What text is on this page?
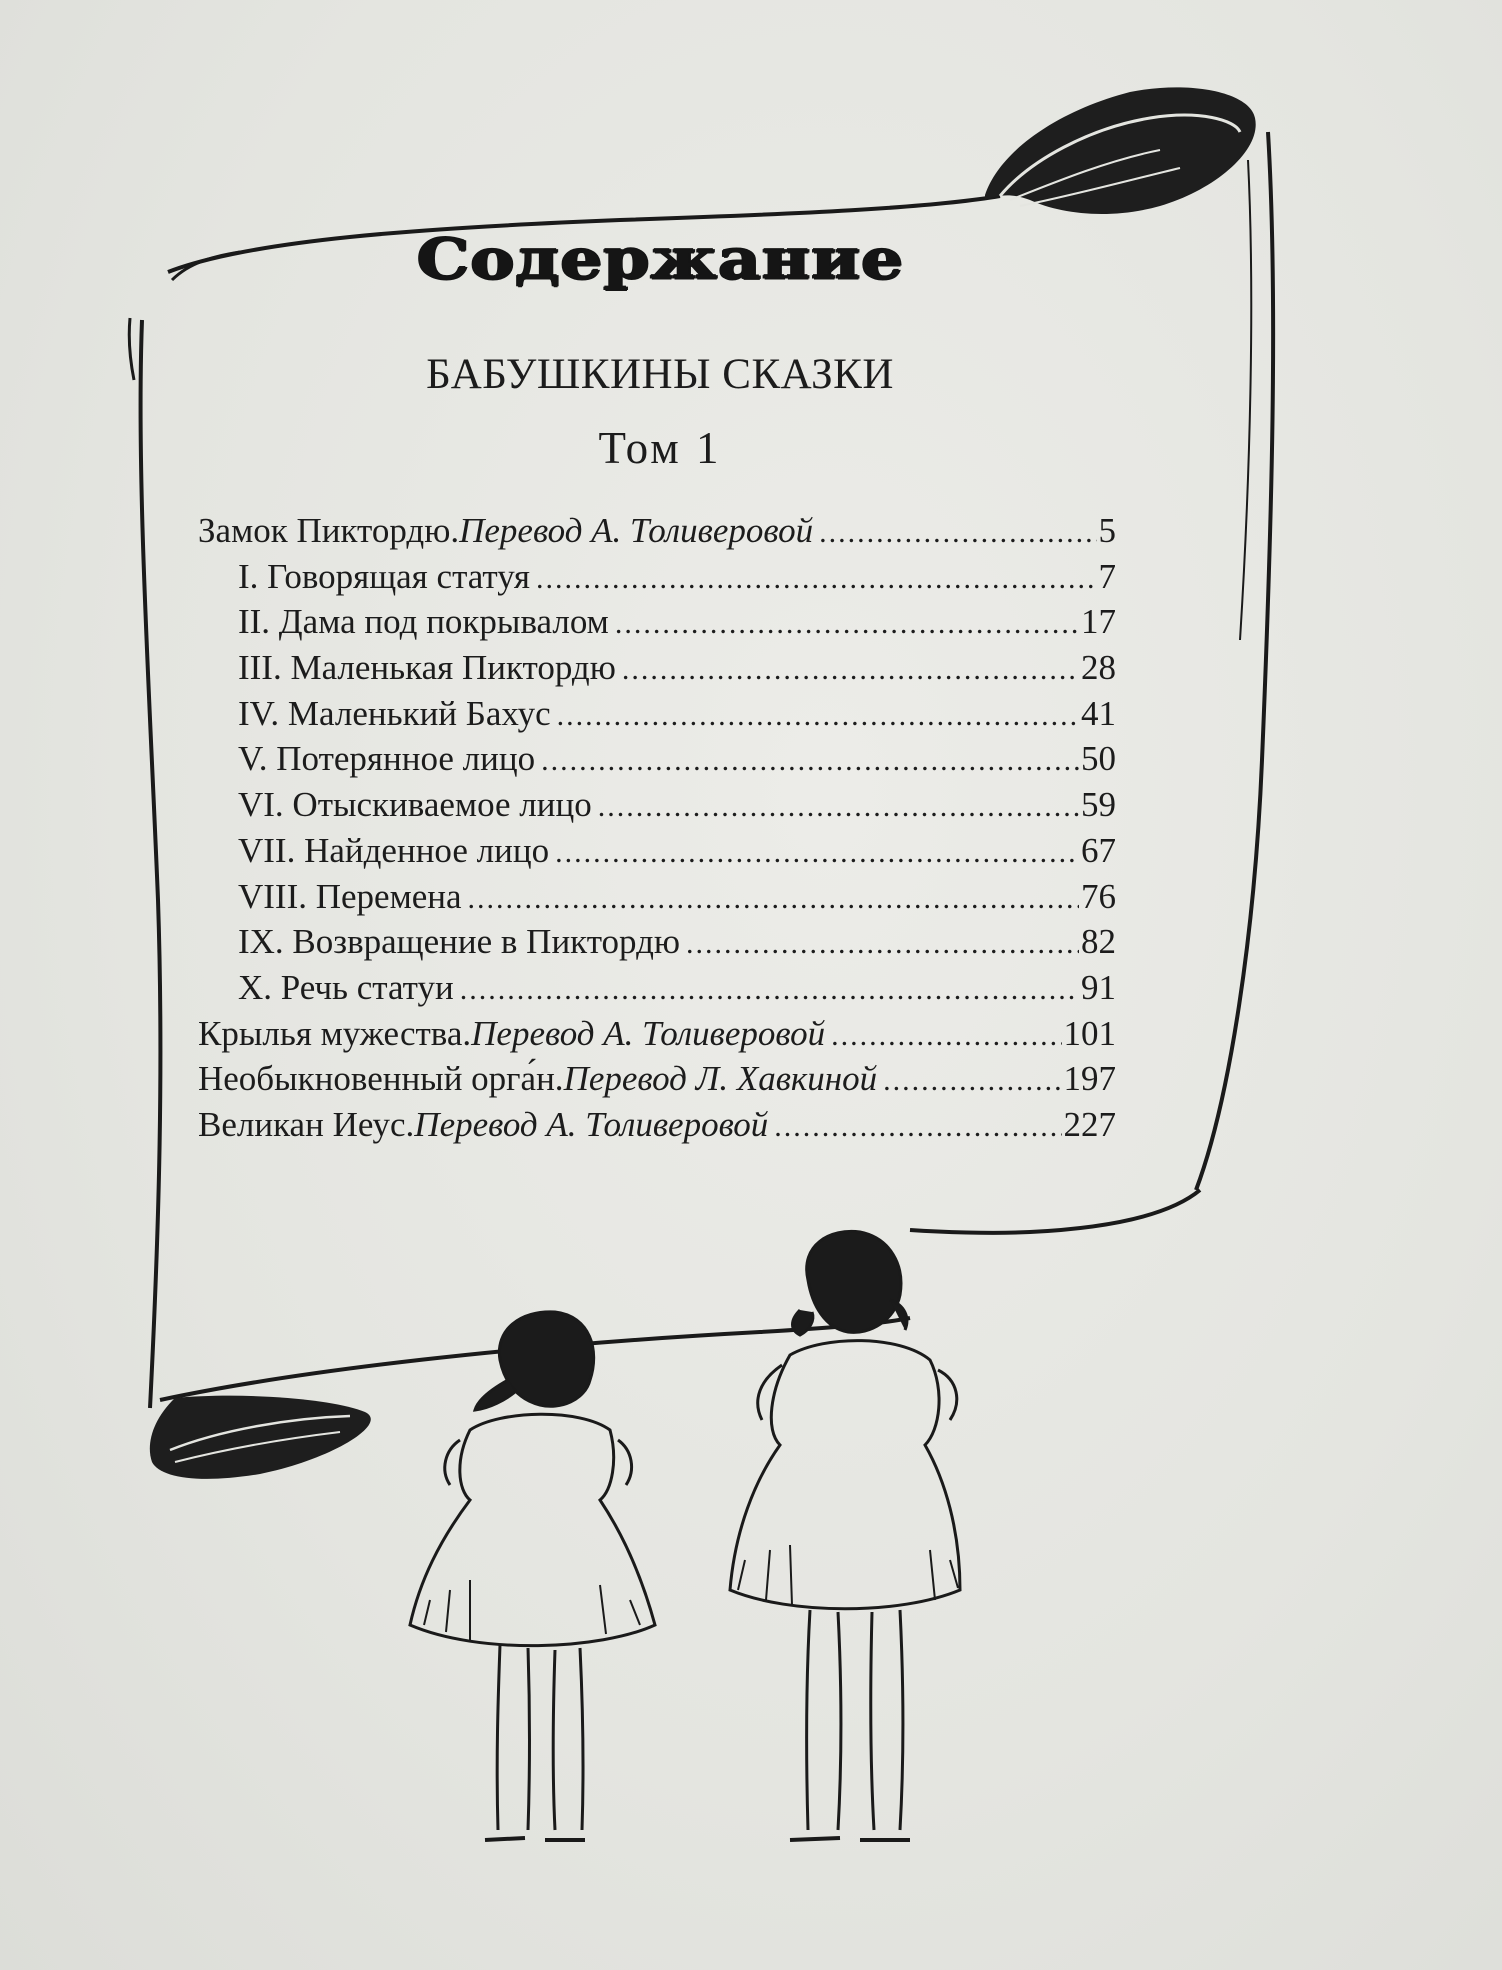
Содержание
БАБУШКИНЫ СКАЗКИ
Том 1
Замок Пиктордю. Перевод А. Толиверовой .....	5
I. Говорящая статуя .....	7
II. Дама под покрывалом .....	17
III. Маленькая Пиктордю .....	28
IV. Маленький Бахус .....	41
V. Потерянное лицо .....	50
VI. Отыскиваемое лицо .....	59
VII. Найденное лицо .....	67
VIII. Перемена .....	76
IX. Возвращение в Пиктордю .....	82
X. Речь статуи .....	91
Крылья мужества. Перевод А. Толиверовой .....	101
Необыкновенный орга́н. Перевод Л. Хавкиной .....	197
Великан Иеус. Перевод А. Толиверовой .....	227
